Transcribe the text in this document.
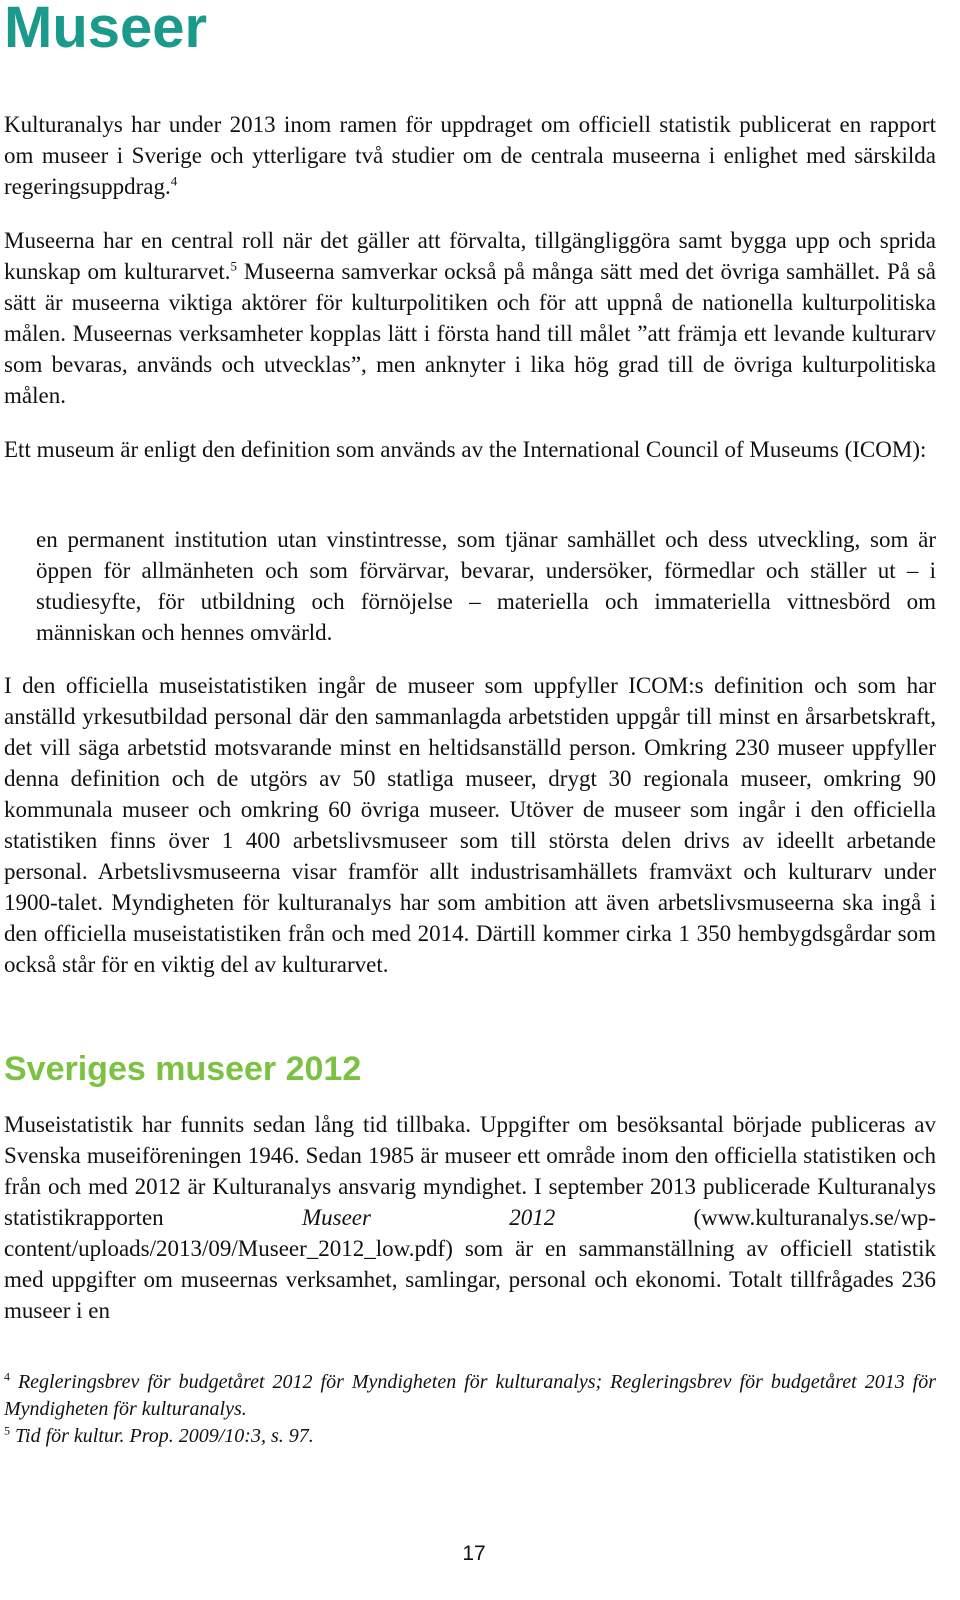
Museer

Kulturanalys har under 2013 inom ramen för uppdraget om officiell statistik publicerat en rapport om museer i Sverige och ytterligare två studier om de centrala museerna i enlighet med särskilda regeringsuppdrag.$^4$

Museerna har en central roll när det gäller att förvalta, tillgängliggöra samt bygga upp och sprida kunskap om kulturarvet.$^5$ Museerna samverkar också på många sätt med det övriga samhället. På så sätt är museerna viktiga aktörer för kulturpolitiken och för att uppnå de nationella kulturpolitiska målen. Museernas verksamheter kopplas lätt i första hand till målet ”att främja ett levande kulturarv som bevaras, används och utvecklas”, men anknyter i lika hög grad till de övriga kulturpolitiska målen.

Ett museum är enligt den definition som används av the International Council of Museums (ICOM):

en permanent institution utan vinstintresse, som tjänar samhället och dess utveckling, som är öppen för allmänheten och som förvärvar, bevarar, undersöker, förmedlar och ställer ut – i studiesyfte, för utbildning och förnöjelse – materiella och immateriella vittnesbörd om människan och hennes omvärld.

I den officiella museistatistiken ingår de museer som uppfyller ICOM:s definition och som har anställd yrkesutbildad personal där den sammanlagda arbetstiden uppgår till minst en årsarbetskraft, det vill säga arbetstid motsvarande minst en heltidsanställd person. Omkring 230 museer uppfyller denna definition och de utgörs av 50 statliga museer, drygt 30 regionala museer, omkring 90 kommunala museer och omkring 60 övriga museer. Utöver de museer som ingår i den officiella statistiken finns över 1 400 arbetslivsmuseer som till största delen drivs av ideellt arbetande personal. Arbetslivsmuseerna visar framför allt industrisamhällets framväxt och kulturarv under 1900-talet. Myndigheten för kulturanalys har som ambition att även arbetslivsmuseerna ska ingå i den officiella museistatistiken från och med 2014. Därtill kommer cirka 1 350 hembygdsgårdar som också står för en viktig del av kulturarvet.

Sveriges museer 2012

Museistatistik har funnits sedan lång tid tillbaka. Uppgifter om besöksantal började publiceras av Svenska museiföreningen 1946. Sedan 1985 är museer ett område inom den officiella statistiken och från och med 2012 är Kulturanalys ansvarig myndighet. I september 2013 publicerade Kulturanalys statistikrapporten Museer 2012 (www.kulturanalys.se/wp-content/uploads/2013/09/Museer_2012_low.pdf) som är en sammanställning av officiell statistik med uppgifter om museernas verksamhet, samlingar, personal och ekonomi. Totalt tillfrågades 236 museer i en

$^4$ Regleringsbrev för budgetåret 2012 för Myndigheten för kulturanalys; Regleringsbrev för budgetåret 2013 för Myndigheten för kulturanalys.

$^5$ Tid för kultur. Prop. 2009/10:3, s. 97.

17
